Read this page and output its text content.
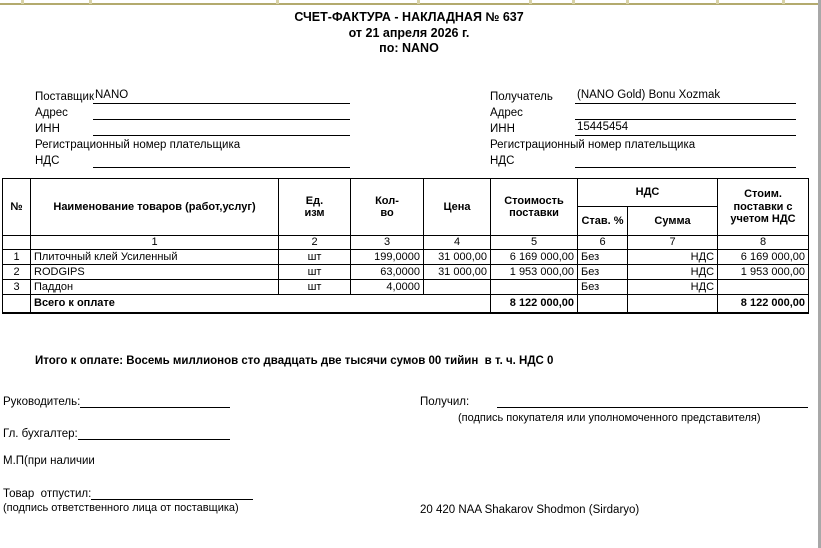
СЧЕТ-ФАКТУРА - НАКЛАДНАЯ № 637
от 21 апреля 2026 г.
по: NANO
Поставщик NANO
Адрес
ИНН
Регистрационный номер плательщика
НДС
Получатель	(NANO Gold) Bonu Xozmak
Адрес
ИНН	15445454
Регистрационный номер плательщика
НДС
№	Наименование товаров (работ,услуг)	Ед. изм	Кол-во	Цена	Стоимость поставки	НДС		Стоим. поставки с учетом НДС
						Став. %	Сумма	
	1	2	3	4	5	6	7	8
1	Плиточный клей Усиленный	шт	199,0000	31 000,00	6 169 000,00	Без	НДС	6 169 000,00
2	RODGIPS	шт	63,0000	31 000,00	1 953 000,00	Без	НДС	1 953 000,00
3	Паддон	шт	4,0000			Без	НДС	
	Всего к оплате				8 122 000,00			8 122 000,00
Итого к оплате: Восемь миллионов сто двадцать две тысячи сумов 00 тийин  в т. ч. НДС 0
Руководитель:
Гл. бухгалтер:
М.П(при наличии
Товар  отпустил:
(подпись ответственного лица от поставщика)
Получил:
(подпись покупателя или уполномоченного представителя)
20 420 NAA Shakarov Shodmon (Sirdaryo)
